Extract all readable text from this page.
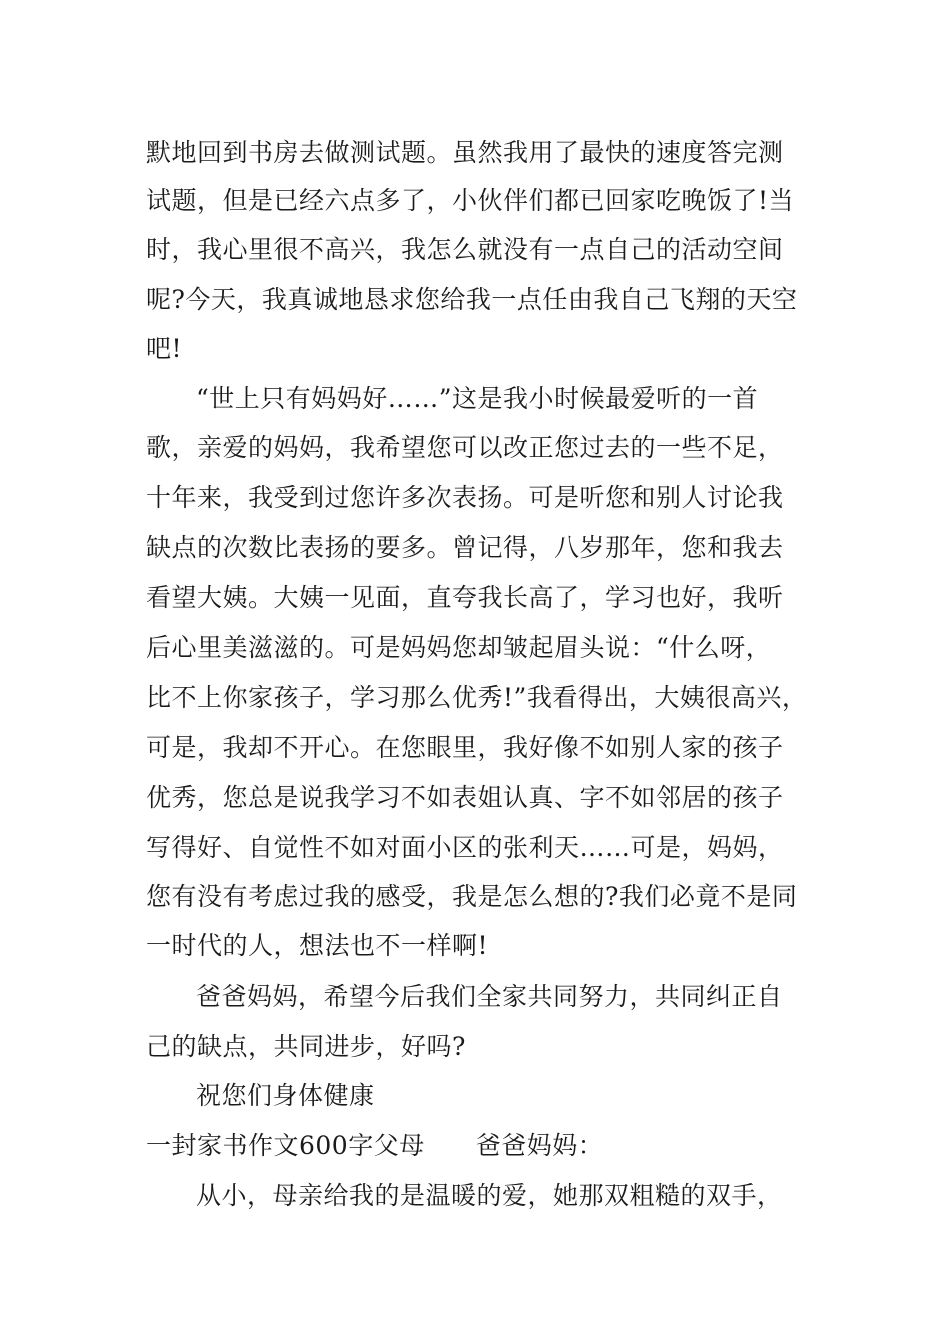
默地回到书房去做测试题。虽然我用了最快的速度答完测
试题，但是已经六点多了，小伙伴们都已回家吃晚饭了!当
时，我心里很不高兴，我怎么就没有一点自己的活动空间
呢?今天，我真诚地恳求您给我一点任由我自己飞翔的天空
吧!
“世上只有妈妈好……”这是我小时候最爱听的一首
歌，亲爱的妈妈，我希望您可以改正您过去的一些不足，
十年来，我受到过您许多次表扬。可是听您和别人讨论我
缺点的次数比表扬的要多。曾记得，八岁那年，您和我去
看望大姨。大姨一见面，直夸我长高了，学习也好，我听
后心里美滋滋的。可是妈妈您却皱起眉头说：“什么呀，
比不上你家孩子，学习那么优秀!”我看得出，大姨很高兴，
可是，我却不开心。在您眼里，我好像不如别人家的孩子
优秀，您总是说我学习不如表姐认真、字不如邻居的孩子
写得好、自觉性不如对面小区的张利天……可是，妈妈，
您有没有考虑过我的感受，我是怎么想的?我们必竟不是同
一时代的人，想法也不一样啊!
爸爸妈妈，希望今后我们全家共同努力，共同纠正自
己的缺点，共同进步，好吗?
祝您们身体健康
一封家书作文600字父母　　爸爸妈妈：
从小，母亲给我的是温暖的爱，她那双粗糙的双手，
